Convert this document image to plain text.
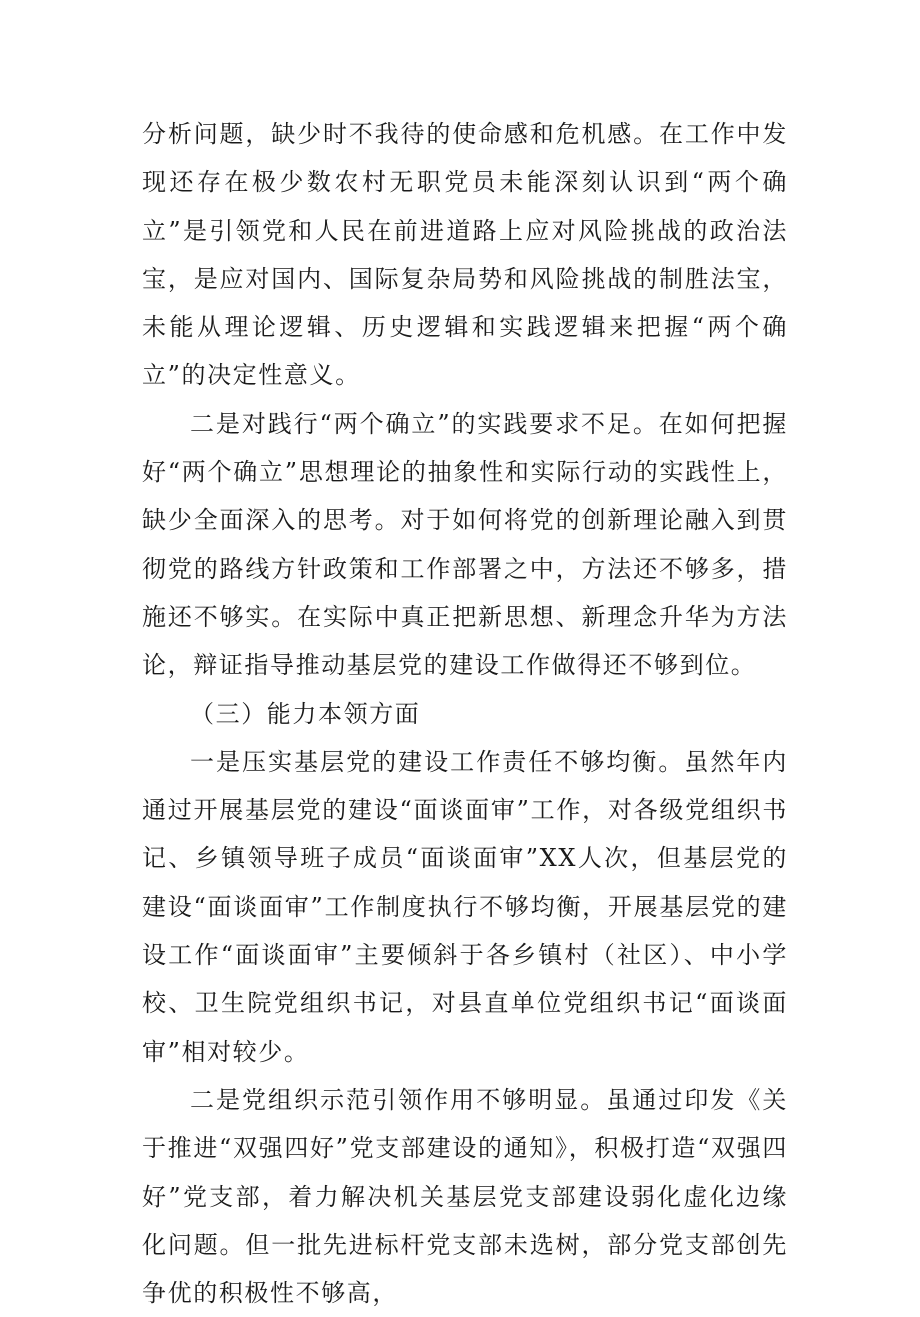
分析问题，缺少时不我待的使命感和危机感。在工作中发现还存在极少数农村无职党员未能深刻认识到“两个确立”是引领党和人民在前进道路上应对风险挑战的政治法宝，是应对国内、国际复杂局势和风险挑战的制胜法宝，未能从理论逻辑、历史逻辑和实践逻辑来把握“两个确立”的决定性意义。

二是对践行“两个确立”的实践要求不足。在如何把握好“两个确立”思想理论的抽象性和实际行动的实践性上，缺少全面深入的思考。对于如何将党的创新理论融入到贯彻党的路线方针政策和工作部署之中，方法还不够多，措施还不够实。在实际中真正把新思想、新理念升华为方法论，辩证指导推动基层党的建设工作做得还不够到位。

（三）能力本领方面

一是压实基层党的建设工作责任不够均衡。虽然年内通过开展基层党的建设“面谈面审”工作，对各级党组织书记、乡镇领导班子成员“面谈面审”XX人次，但基层党的建设“面谈面审”工作制度执行不够均衡，开展基层党的建设工作“面谈面审”主要倾斜于各乡镇村（社区）、中小学校、卫生院党组织书记，对县直单位党组织书记“面谈面审”相对较少。

二是党组织示范引领作用不够明显。虽通过印发《关于推进“双强四好”党支部建设的通知》，积极打造“双强四好”党支部，着力解决机关基层党支部建设弱化虚化边缘化问题。但一批先进标杆党支部未选树，部分党支部创先争优的积极性不够高，
